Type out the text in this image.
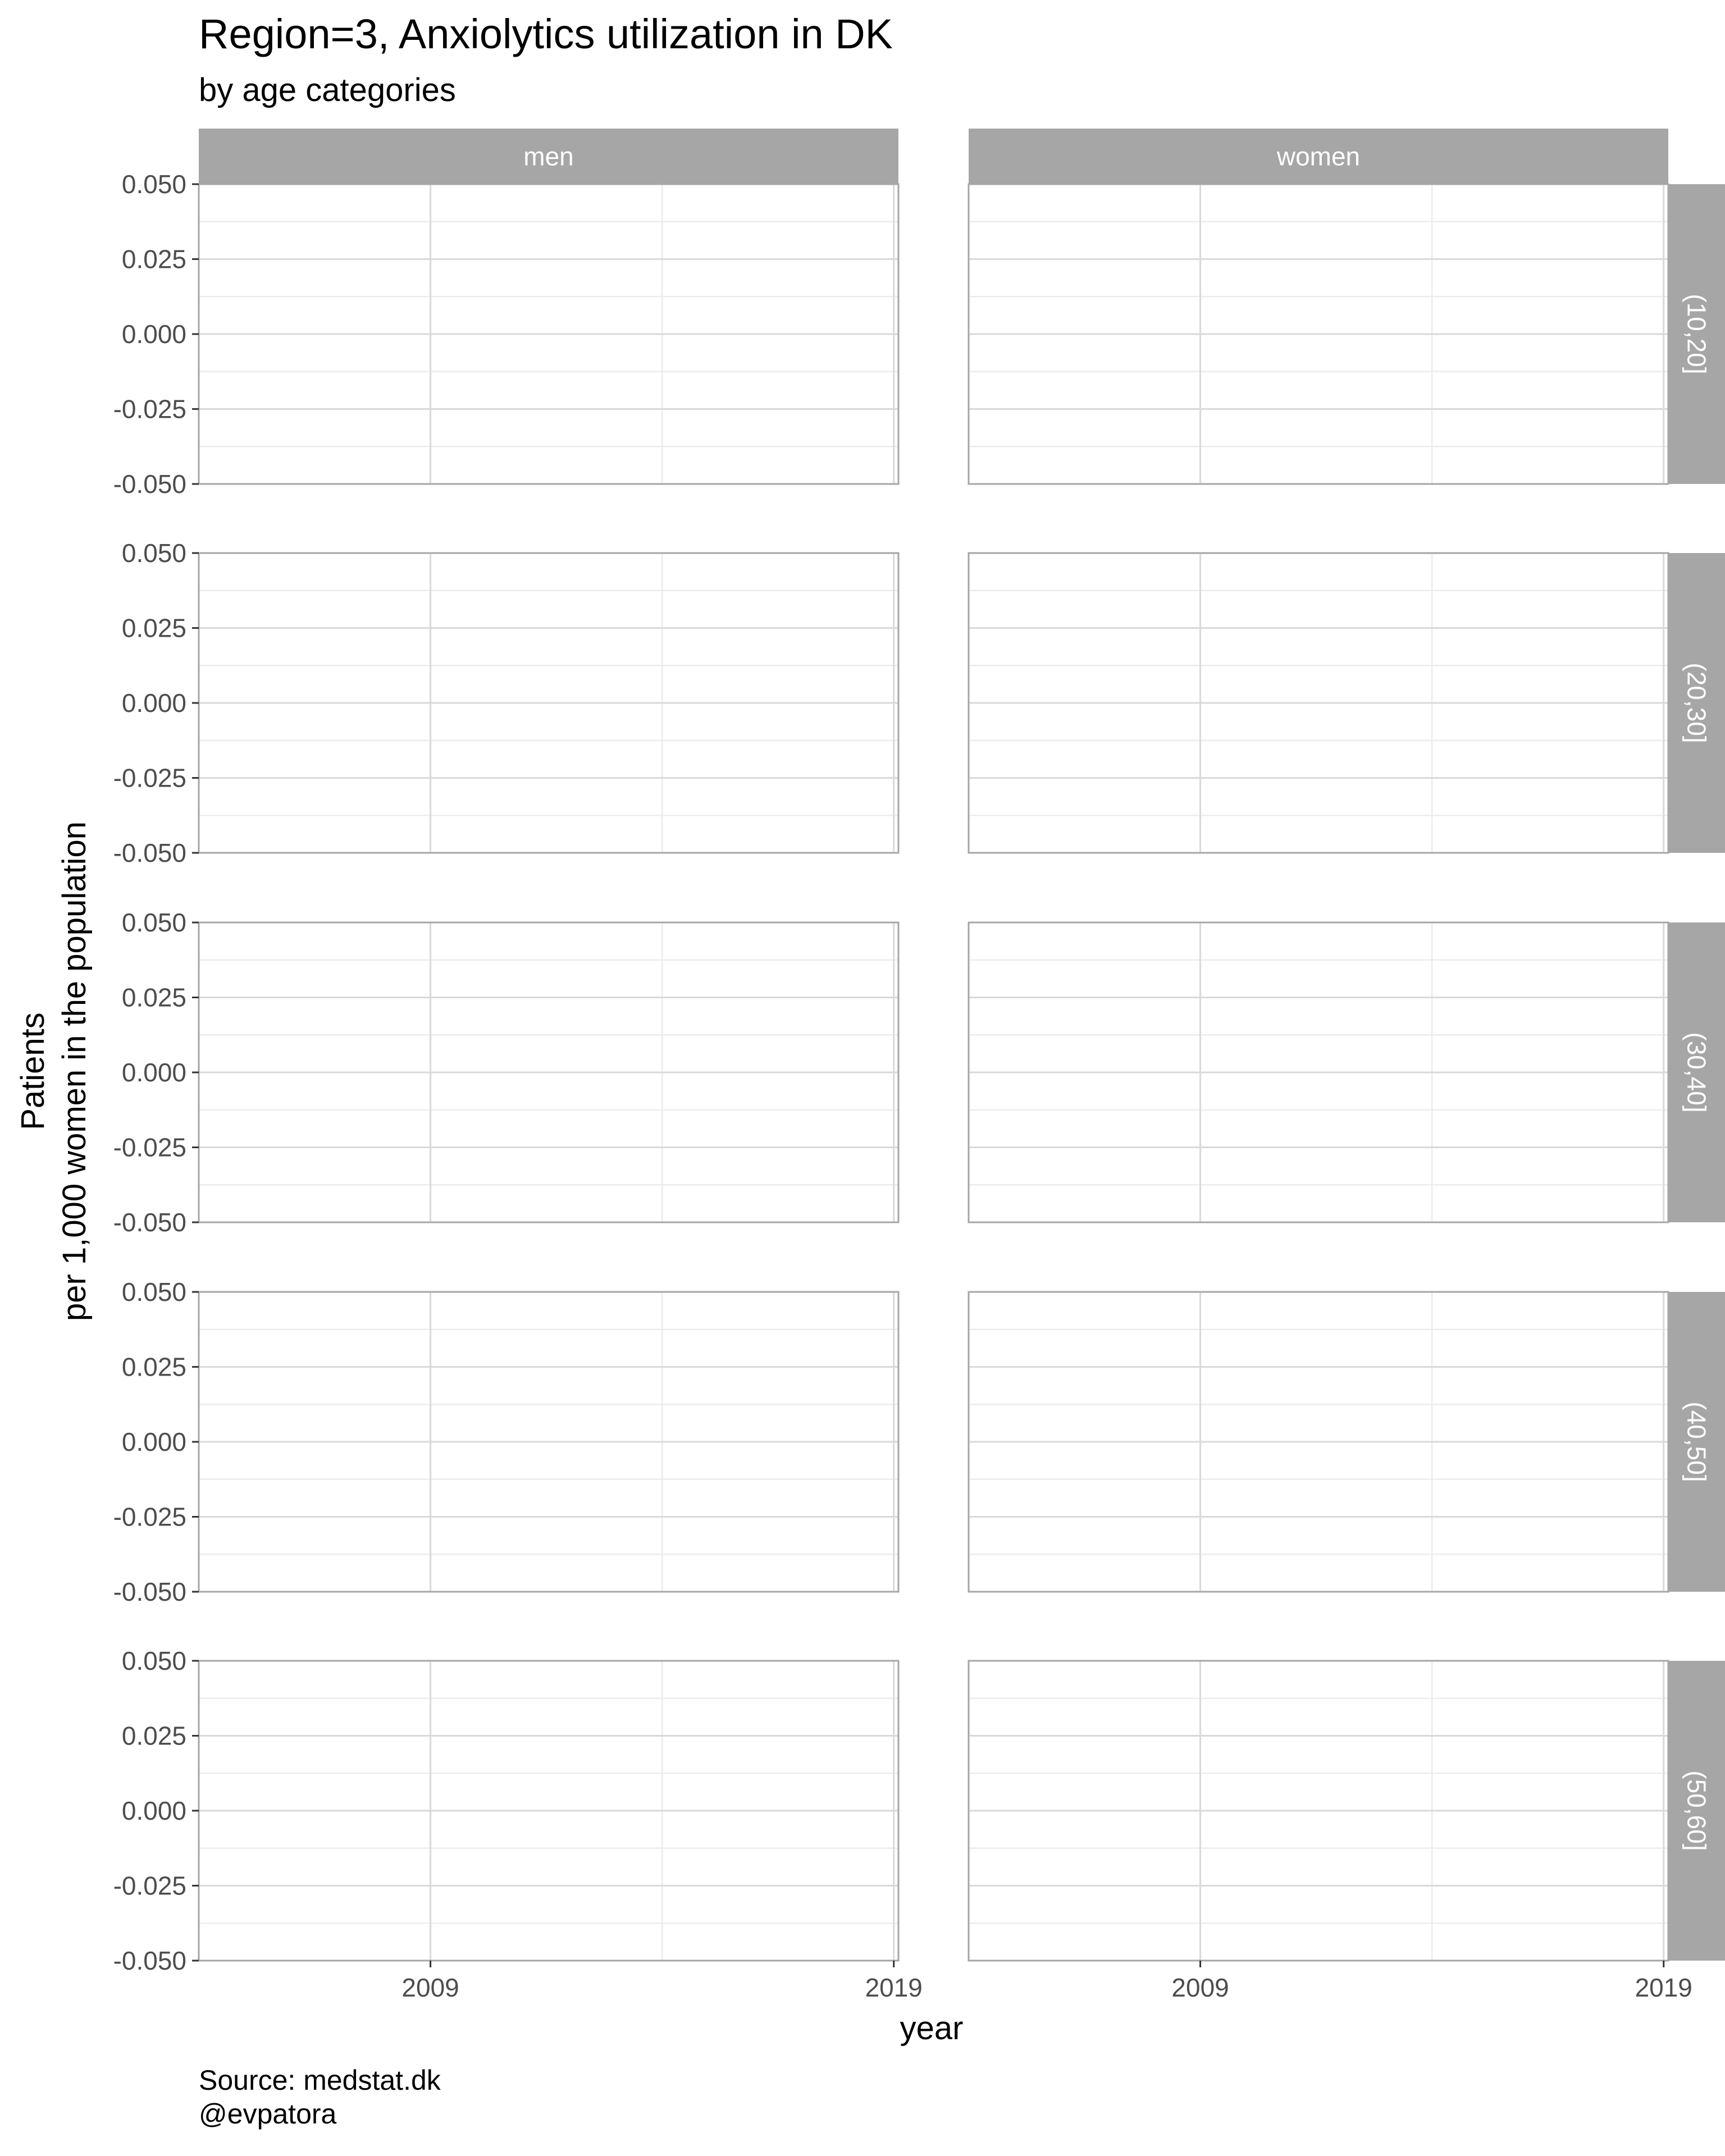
Region=3, Anxiolytics utilization in DK
by age categories
men	women
(10,20]
(20,30]
(30,40]
(40,50]
(50,60]
0.050
0.025
0.000
-0.025
-0.050
0.050
0.025
0.000
-0.025
-0.050
0.050
0.025
0.000
-0.025
-0.050
0.050
0.025
0.000
-0.025
-0.050
0.050
0.025
0.000
-0.025
-0.050
2009	2019	2009	2019
Patients per 1,000 women in the population
year
Source: medstat.dk
@evpatora
